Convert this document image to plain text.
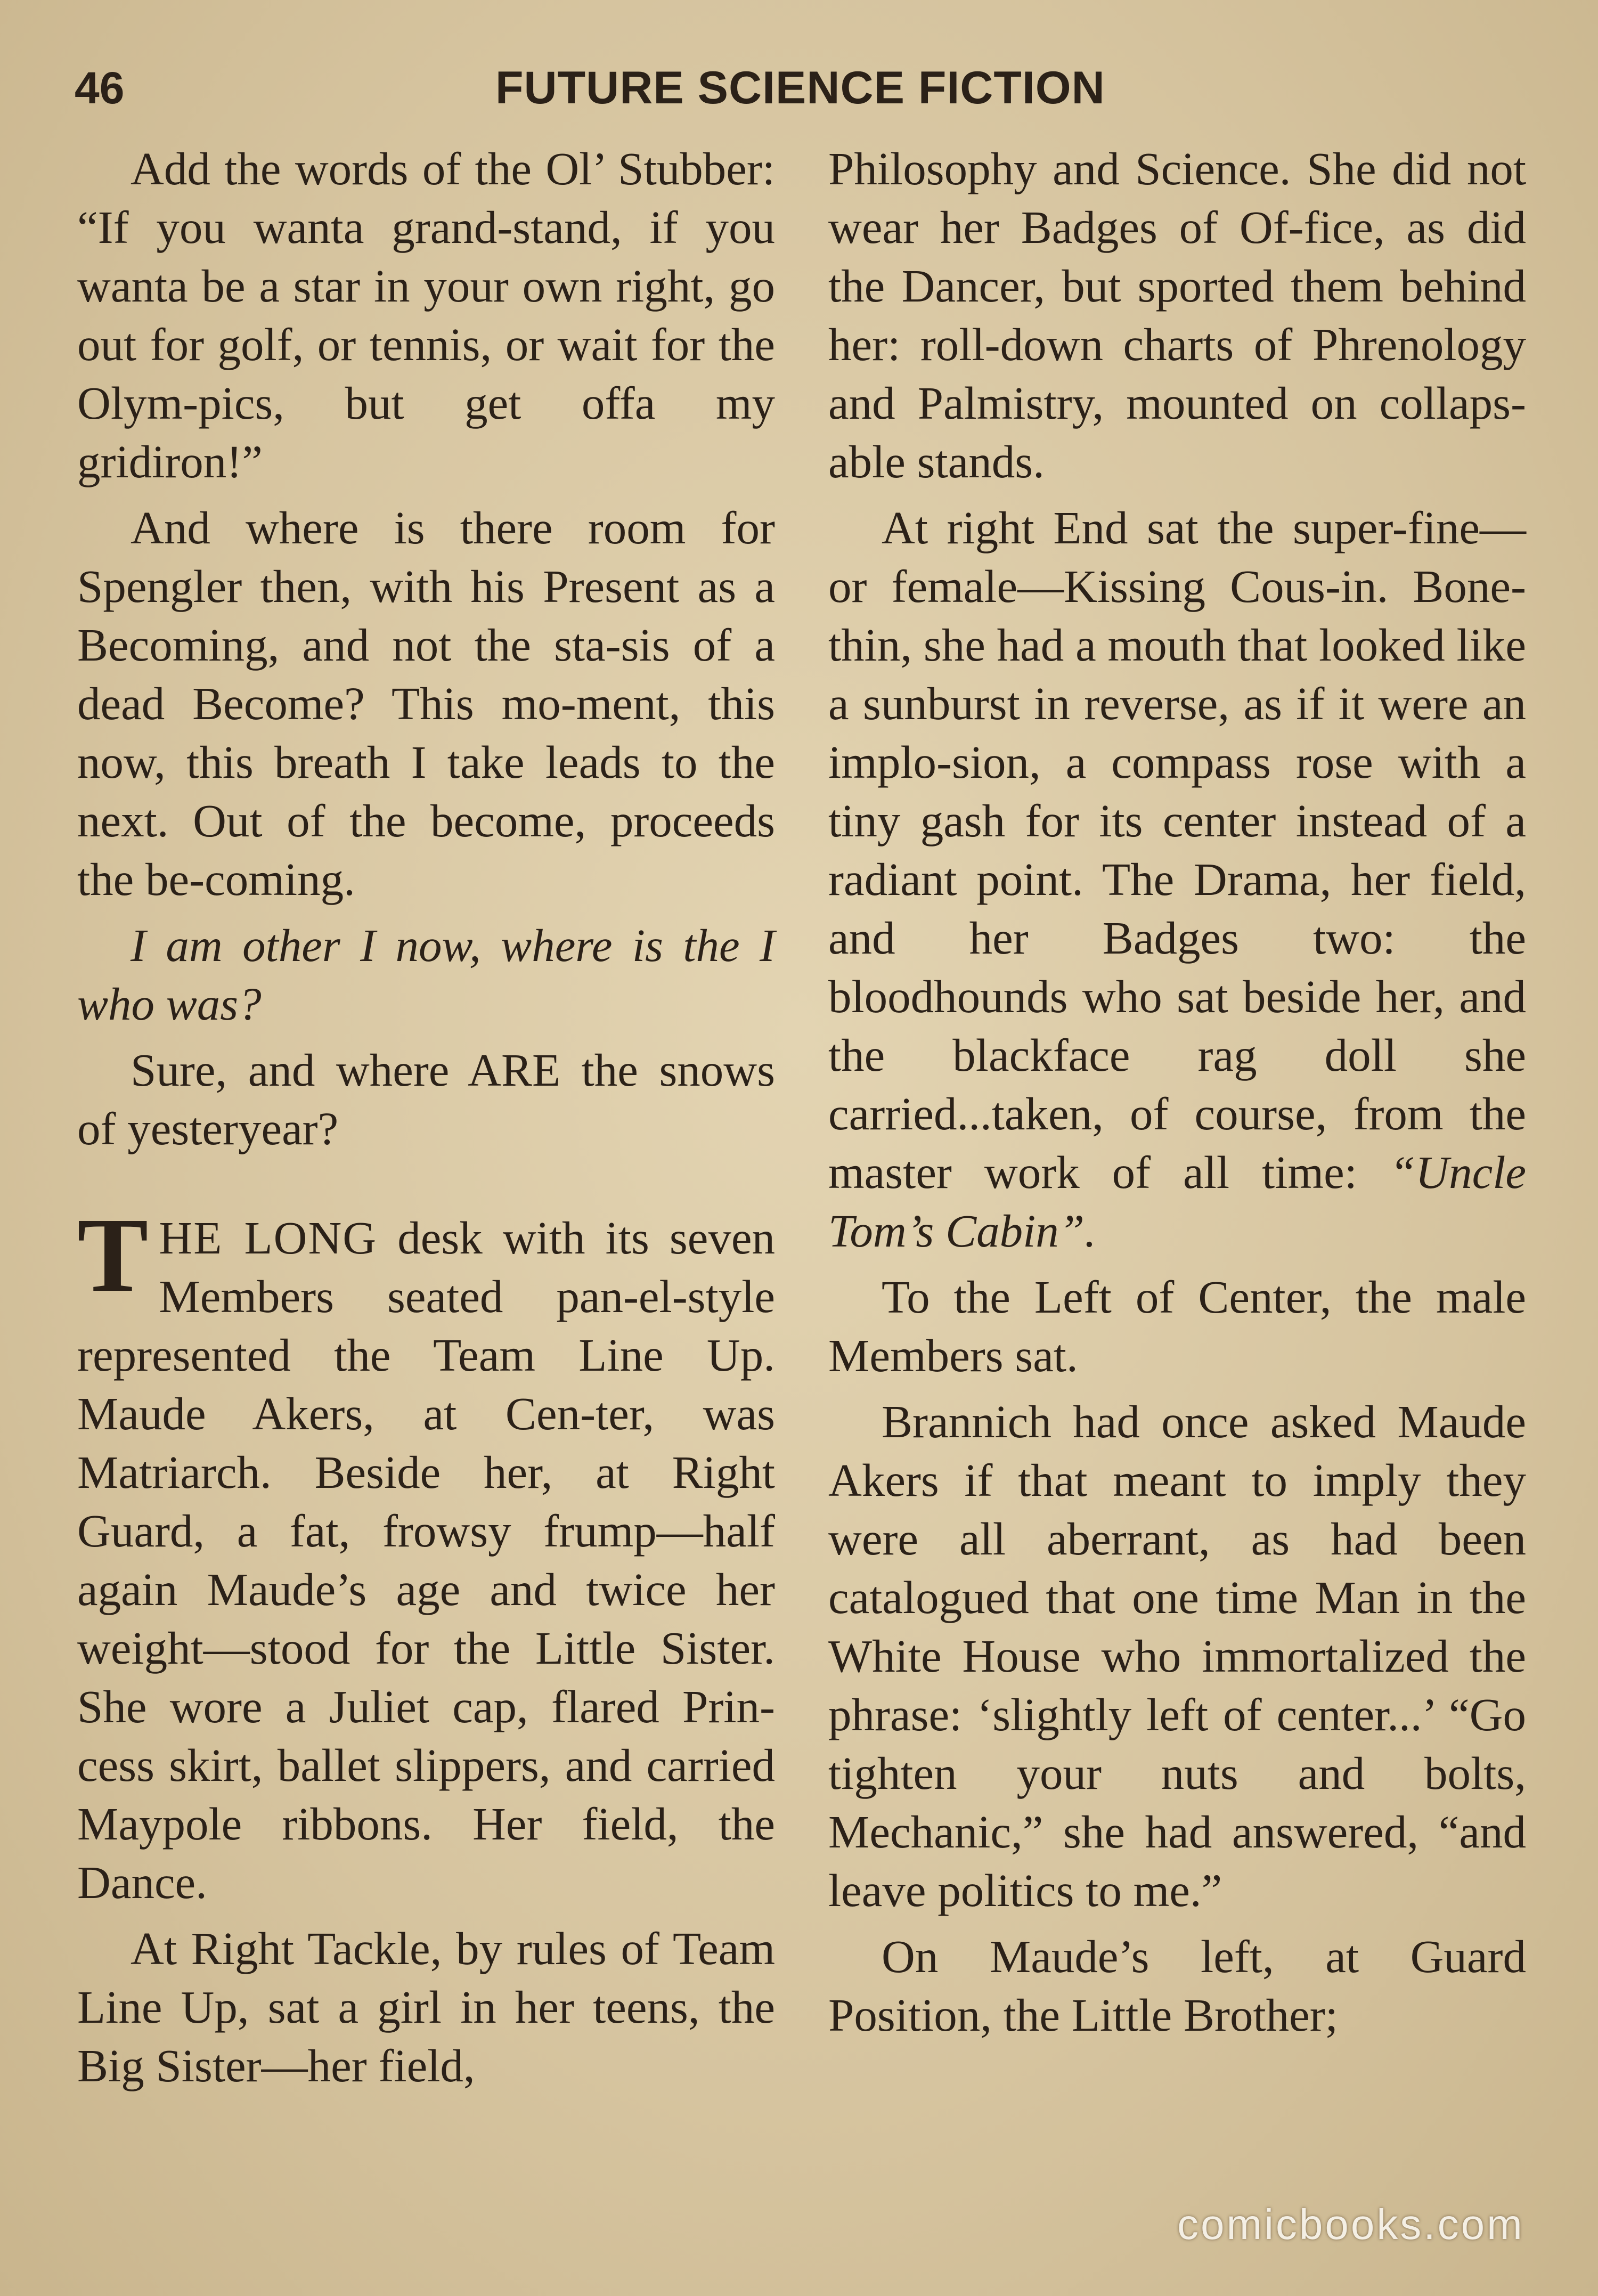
46	FUTURE SCIENCE FICTION

Add the words of the Ol’ Stubber: “If you wanta grand-stand, if you wanta be a star in your own right, go out for golf, or tennis, or wait for the Olym-pics, but get offa my gridiron!”

And where is there room for Spengler then, with his Present as a Becoming, and not the sta-sis of a dead Become? This mo-ment, this now, this breath I take leads to the next. Out of the become, proceeds the be-coming.

I am other I now, where is the I who was?

Sure, and where ARE the snows of yesteryear?

THE LONG desk with its seven Members seated pan-el-style represented the Team Line Up. Maude Akers, at Cen-ter, was Matriarch. Beside her, at Right Guard, a fat, frowsy frump—half again Maude’s age and twice her weight—stood for the Little Sister. She wore a Juliet cap, flared Prin-cess skirt, ballet slippers, and carried Maypole ribbons. Her field, the Dance.

At Right Tackle, by rules of Team Line Up, sat a girl in her teens, the Big Sister—her field,

Philosophy and Science. She did not wear her Badges of Of-fice, as did the Dancer, but sported them behind her: roll-down charts of Phrenology and Palmistry, mounted on collaps-able stands.

At right End sat the super-fine—or female—Kissing Cous-in. Bone-thin, she had a mouth that looked like a sunburst in reverse, as if it were an implo-sion, a compass rose with a tiny gash for its center instead of a radiant point. The Drama, her field, and her Badges two: the bloodhounds who sat beside her, and the blackface rag doll she carried...taken, of course, from the master work of all time: “Uncle Tom’s Cabin”.

To the Left of Center, the male Members sat.

Brannich had once asked Maude Akers if that meant to imply they were all aberrant, as had been catalogued that one time Man in the White House who immortalized the phrase: ‘slightly left of center...’ “Go tighten your nuts and bolts, Mechanic,” she had answered, “and leave politics to me.”

On Maude’s left, at Guard Position, the Little Brother;

comicbooks.com
